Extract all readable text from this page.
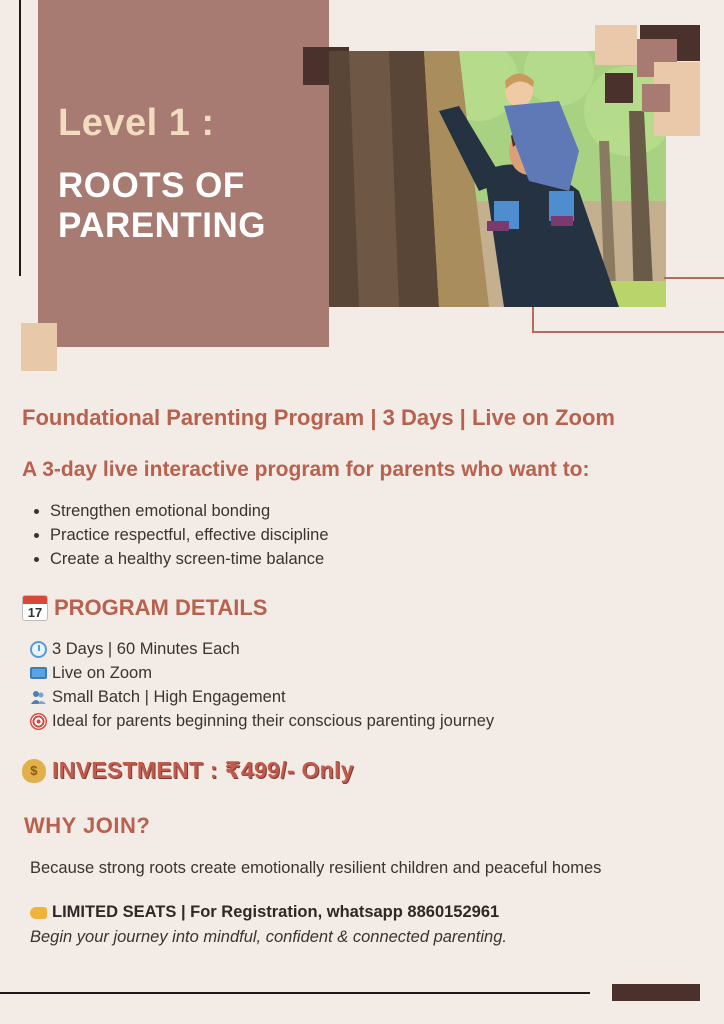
Level 1 :
ROOTS OF
PARENTING
Foundational Parenting Program | 3 Days | Live on Zoom
A 3-day live interactive program for parents who want to:
Strengthen emotional bonding
Practice respectful, effective discipline
Create a healthy screen-time balance
17 PROGRAM DETAILS
3 Days | 60 Minutes Each
Live on Zoom
Small Batch | High Engagement
Ideal for parents beginning their conscious parenting journey
$ INVESTMENT : ₹499/- Only
WHY JOIN?
Because strong roots create emotionally resilient children and peaceful homes
LIMITED SEATS | For Registration, whatsapp 8860152961
Begin your journey into mindful, confident & connected parenting.
